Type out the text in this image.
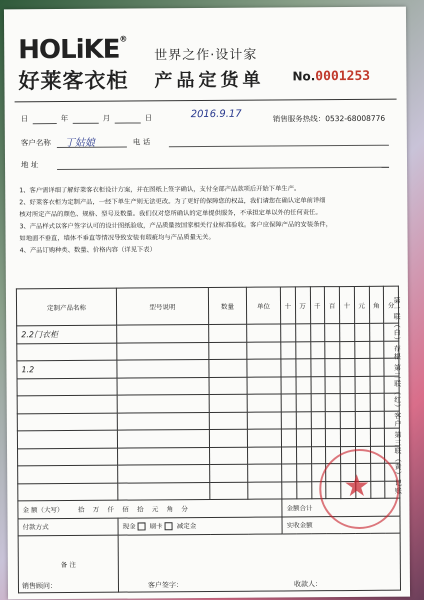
HOLiKE®
好莱客衣柜
世界之作·设计家
产品定货单 No.0001253
日	年	月	日	2016.9.17	销售服务热线：0532-68008776
客户名称 丁姑娘	电 话
地 址

1、客户需详细了解好莱客衣柜设计方案，并在图纸上签字确认，支付全部产品款项后开始下单生产。

2、好莱客衣柜为定制产品，一经下单生产则无法更改。为了更好的保障您的权益，我们请您在确认定单前详细

核对所定产品的颜色、规格、型号及数量。我们仅对您所确认的定单提供服务，不承担定单以外的任何责任。

3、产品样式以客户签字认可的设计图纸验收，产品质量按国家相关行业标准验收。客户应保障产品的安装条件，

如地面不垂直，墙体不垂直等情况导致安装有瑕疵均与产品质量无关。

4、产品订购种类、数量、价格内容（详见下表）

定制产品名称	型号说明	数量	单位	十	万	千	百	十	元	角	分
2.2门衣柜											

1.2											

金 额（大写） 拾 万 仟 佰 拾 元 角 分				金额合计							
付款方式	现金 刷卡 减定金			实收金额							
备 注											
第一联（白）存根 第二联（红）客户 第三联（黄）记账
★
销售顾问：	客户签字：	收款人：
